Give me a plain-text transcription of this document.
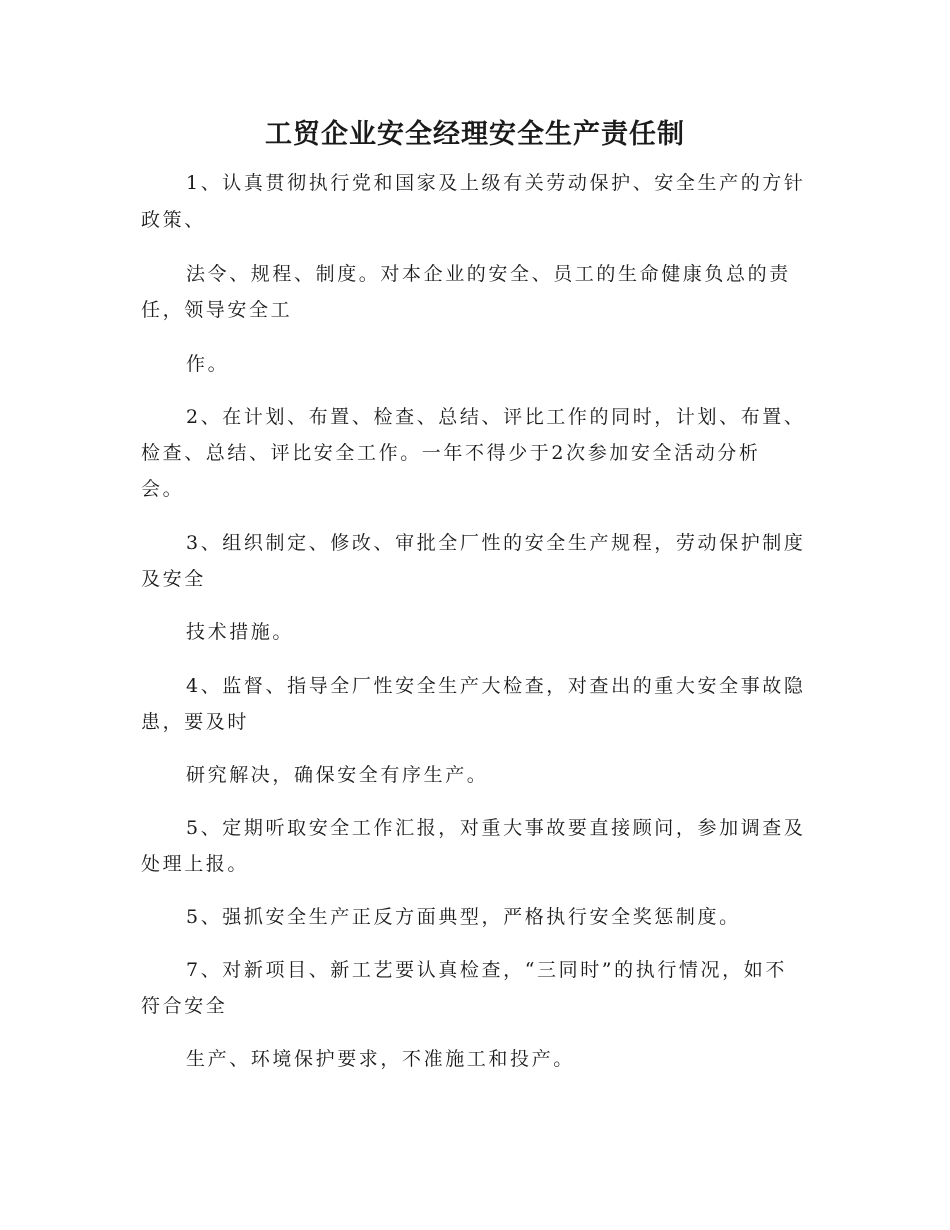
工贸企业安全经理安全生产责任制

1、认真贯彻执行党和国家及上级有关劳动保护、安全生产的方针

政策、

法令、规程、制度。对本企业的安全、员工的生命健康负总的责

任，领导安全工

作。

2、在计划、布置、检查、总结、评比工作的同时，计划、布置、

检查、总结、评比安全工作。一年不得少于2次参加安全活动分析

会。

3、组织制定、修改、审批全厂性的安全生产规程，劳动保护制度

及安全

技术措施。

4、监督、指导全厂性安全生产大检查，对查出的重大安全事故隐

患，要及时

研究解决，确保安全有序生产。

5、定期听取安全工作汇报，对重大事故要直接顾问，参加调查及

处理上报。

5、强抓安全生产正反方面典型，严格执行安全奖惩制度。

7、对新项目、新工艺要认真检查，“三同时”的执行情况，如不

符合安全

生产、环境保护要求，不准施工和投产。
